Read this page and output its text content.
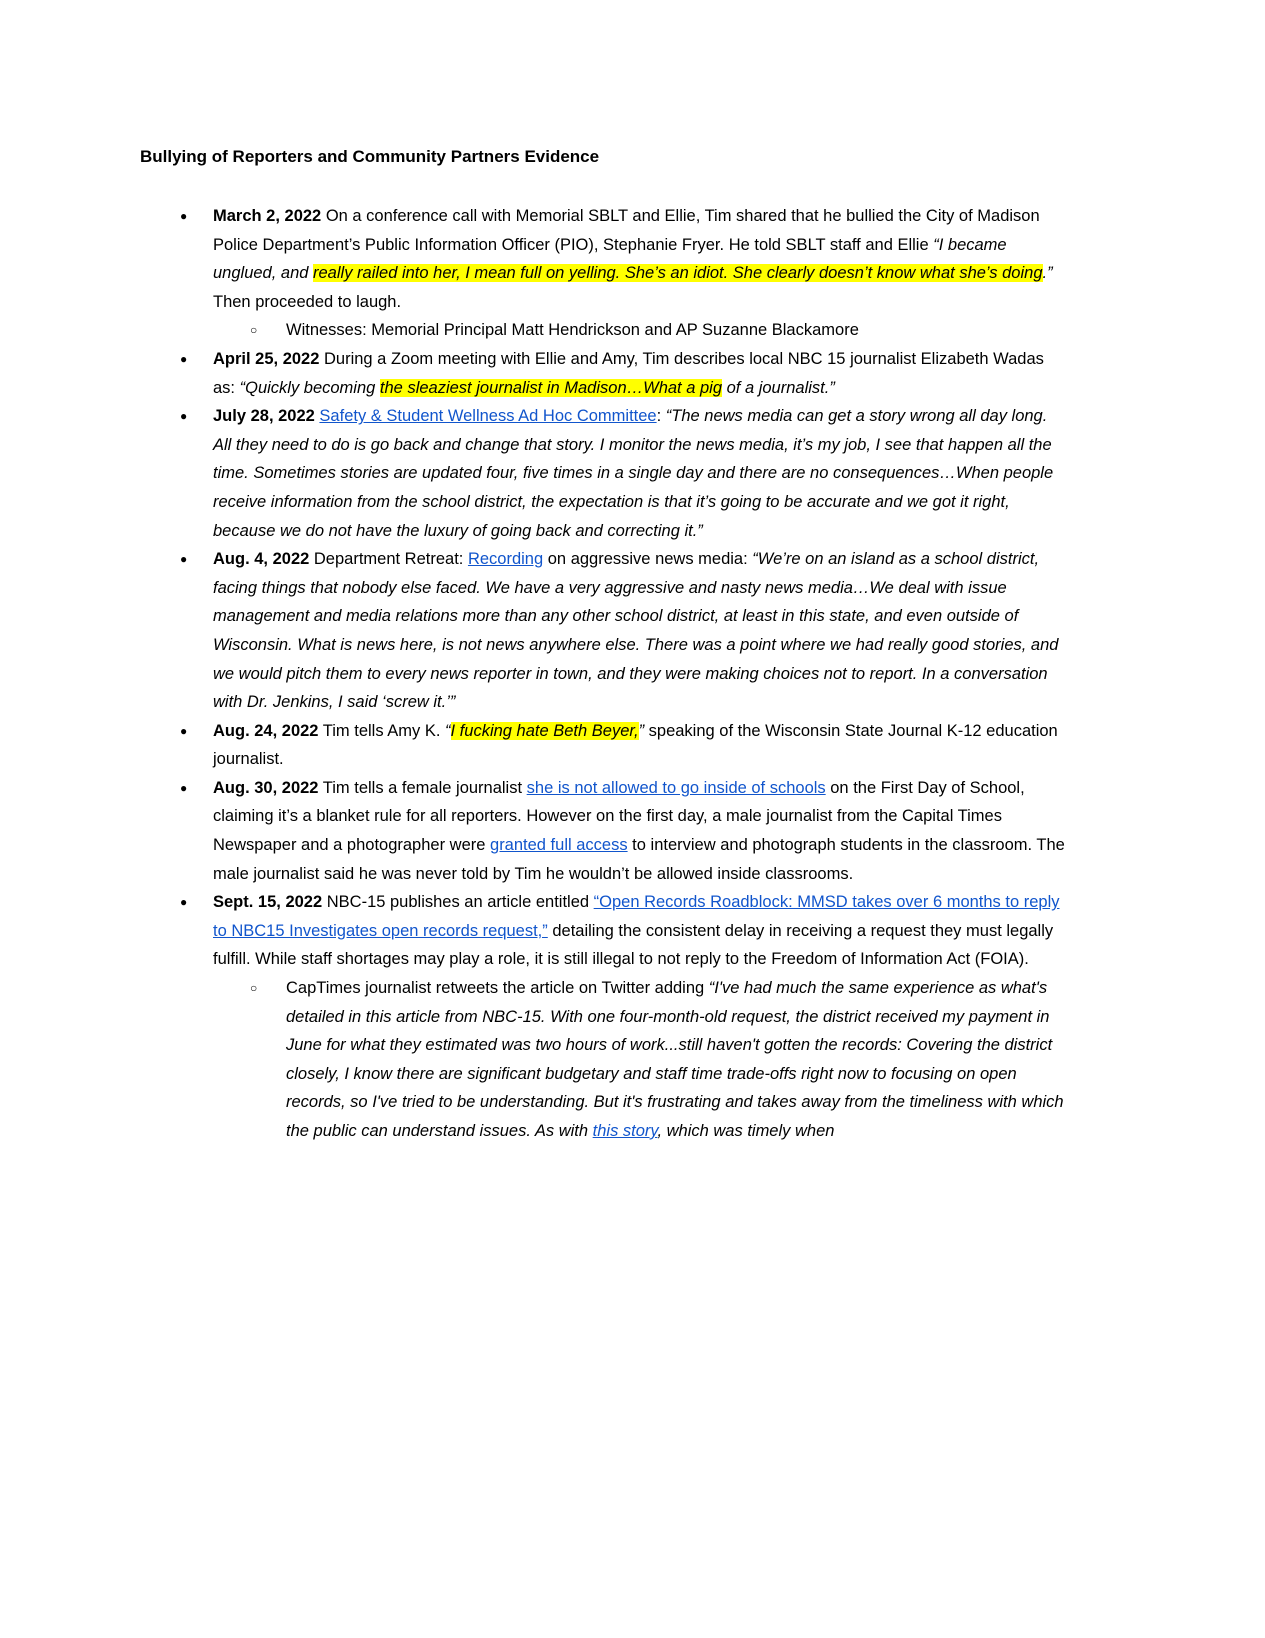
Bullying of Reporters and Community Partners Evidence
●	March 2, 2022 On a conference call with Memorial SBLT and Ellie, Tim shared that he bullied the City of Madison Police Department’s Public Information Officer (PIO), Stephanie Fryer. He told SBLT staff and Ellie “I became unglued, and really railed into her, I mean full on yelling. She’s an idiot. She clearly doesn’t know what she’s doing.” Then proceeded to laugh.
○	Witnesses: Memorial Principal Matt Hendrickson and AP Suzanne Blackamore
●	April 25, 2022 During a Zoom meeting with Ellie and Amy, Tim describes local NBC 15 journalist Elizabeth Wadas as: “Quickly becoming the sleaziest journalist in Madison…What a pig of a journalist.”
●	July 28, 2022 Safety & Student Wellness Ad Hoc Committee: “The news media can get a story wrong all day long. All they need to do is go back and change that story. I monitor the news media, it’s my job, I see that happen all the time. Sometimes stories are updated four, five times in a single day and there are no consequences…When people receive information from the school district, the expectation is that it’s going to be accurate and we got it right, because we do not have the luxury of going back and correcting it.”
●	Aug. 4, 2022 Department Retreat: Recording on aggressive news media: “We’re on an island as a school district, facing things that nobody else faced. We have a very aggressive and nasty news media…We deal with issue management and media relations more than any other school district, at least in this state, and even outside of Wisconsin. What is news here, is not news anywhere else. There was a point where we had really good stories, and we would pitch them to every news reporter in town, and they were making choices not to report. In a conversation with Dr. Jenkins, I said ‘screw it.’”
●	Aug. 24, 2022 Tim tells Amy K. “I fucking hate Beth Beyer,” speaking of the Wisconsin State Journal K-12 education journalist.
●	Aug. 30, 2022 Tim tells a female journalist she is not allowed to go inside of schools on the First Day of School, claiming it’s a blanket rule for all reporters. However on the first day, a male journalist from the Capital Times Newspaper and a photographer were granted full access to interview and photograph students in the classroom. The male journalist said he was never told by Tim he wouldn’t be allowed inside classrooms.
●	Sept. 15, 2022 NBC-15 publishes an article entitled “Open Records Roadblock: MMSD takes over 6 months to reply to NBC15 Investigates open records request,” detailing the consistent delay in receiving a request they must legally fulfill. While staff shortages may play a role, it is still illegal to not reply to the Freedom of Information Act (FOIA).
○	CapTimes journalist retweets the article on Twitter adding “I've had much the same experience as what's detailed in this article from NBC-15. With one four-month-old request, the district received my payment in June for what they estimated was two hours of work...still haven't gotten the records: Covering the district closely, I know there are significant budgetary and staff time trade-offs right now to focusing on open records, so I've tried to be understanding. But it's frustrating and takes away from the timeliness with which the public can understand issues. As with this story, which was timely when
